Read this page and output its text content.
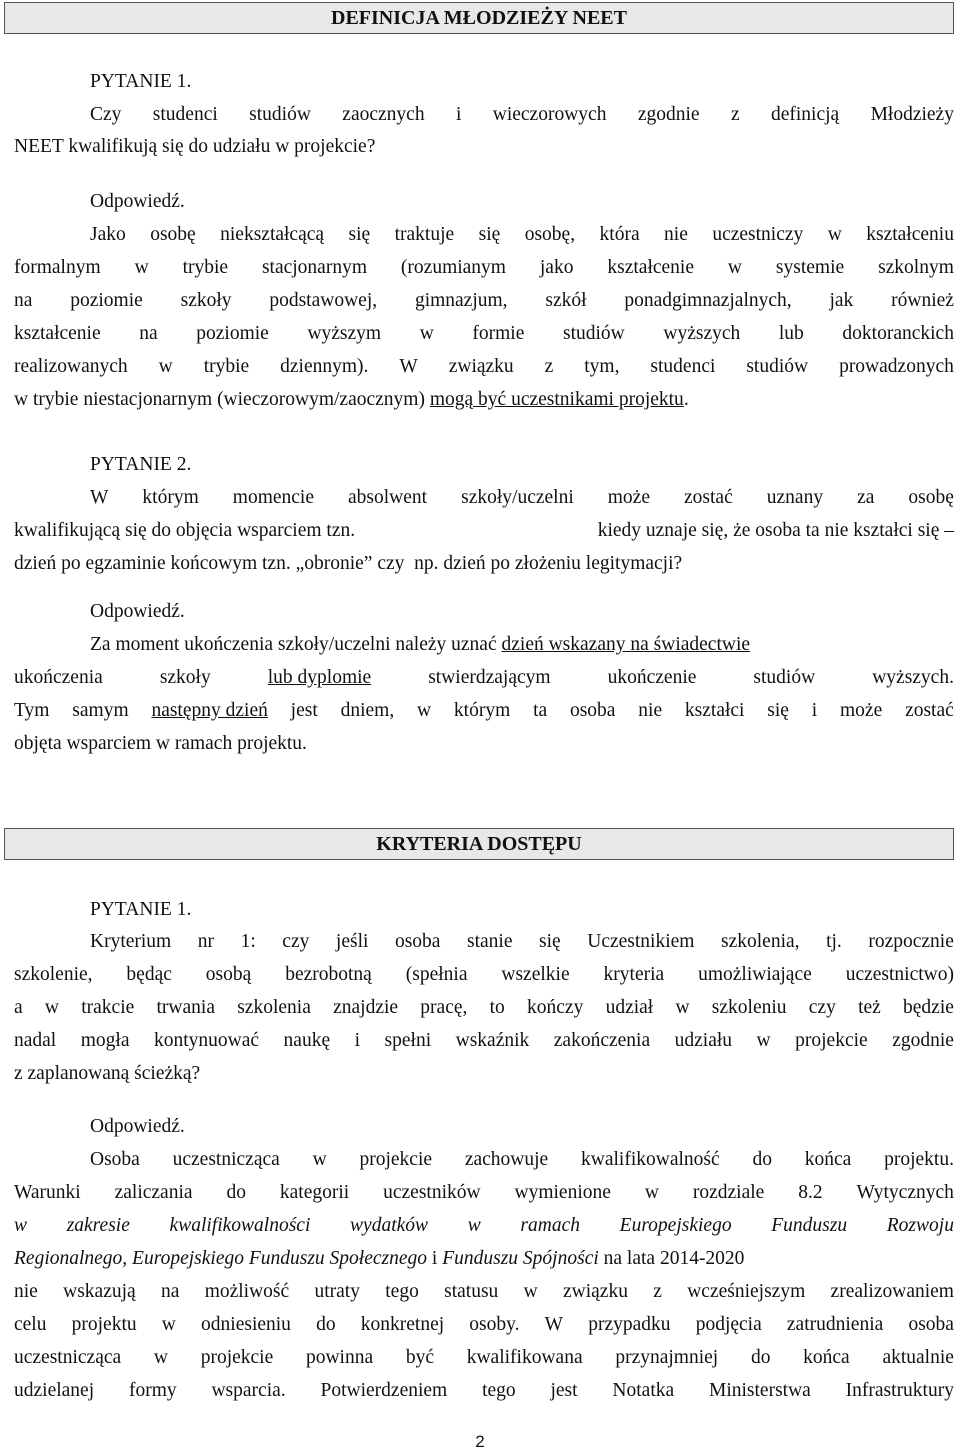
DEFINICJA MŁODZIEŻY NEET
PYTANIE 1.
Czy studenci studiów zaocznych i wieczorowych zgodnie z definicją Młodzieży
NEET kwalifikują się do udziału w projekcie?
Odpowiedź.
Jako osobę niekształcącą się traktuje się osobę, która nie uczestniczy w kształceniu
formalnym w trybie stacjonarnym (rozumianym jako kształcenie w systemie szkolnym
na poziomie szkoły podstawowej, gimnazjum, szkół ponadgimnazjalnych, jak również
kształcenie na poziomie wyższym w formie studiów wyższych lub doktoranckich
realizowanych w trybie dziennym). W związku z tym, studenci studiów prowadzonych
w trybie niestacjonarnym (wieczorowym/zaocznym) mogą być uczestnikami projektu .
PYTANIE 2.
W którym momencie absolwent szkoły/uczelni może zostać uznany za osobę
kwalifikującą się do objęcia wsparciem tzn.	kiedy uznaje się, że osoba ta nie kształci się –
dzień po egzaminie końcowym tzn. „obronie” czy  np. dzień po złożeniu legitymacji?
Odpowiedź.
Za moment ukończenia szkoły/uczelni należy uznać dzień wskazany na świadectwie
ukończenia	szkoły	lub dyplomie	stwierdzającym	ukończenie	studiów	wyższych.
Tym samym następny dzień jest dniem, w którym ta osoba nie kształci się i może zostać
objęta wsparciem w ramach projektu.
KRYTERIA DOSTĘPU
PYTANIE 1.
Kryterium nr 1: czy jeśli osoba stanie się Uczestnikiem szkolenia, tj. rozpocznie
szkolenie, będąc osobą bezrobotną (spełnia wszelkie kryteria umożliwiające uczestnictwo)
a w trakcie trwania szkolenia znajdzie pracę, to kończy udział w szkoleniu czy też będzie
nadal mogła kontynuować naukę i spełni wskaźnik zakończenia udziału w projekcie zgodnie
z zaplanowaną ścieżką?
Odpowiedź.
Osoba uczestnicząca w projekcie zachowuje kwalifikowalność do końca projektu.
Warunki zaliczania do kategorii uczestników wymienione w rozdziale 8.2 Wytycznych
w zakresie kwalifikowalności wydatków w ramach Europejskiego Funduszu Rozwoju
Regionalnego, Europejskiego Funduszu Społecznego i Funduszu Spójności na lata 2014-2020
nie wskazują na możliwość utraty tego statusu w związku z wcześniejszym zrealizowaniem
celu projektu w odniesieniu do konkretnej osoby. W przypadku podjęcia zatrudnienia osoba
uczestnicząca w projekcie powinna być kwalifikowana przynajmniej do końca aktualnie
udzielanej formy wsparcia. Potwierdzeniem tego jest Notatka Ministerstwa Infrastruktury
2
